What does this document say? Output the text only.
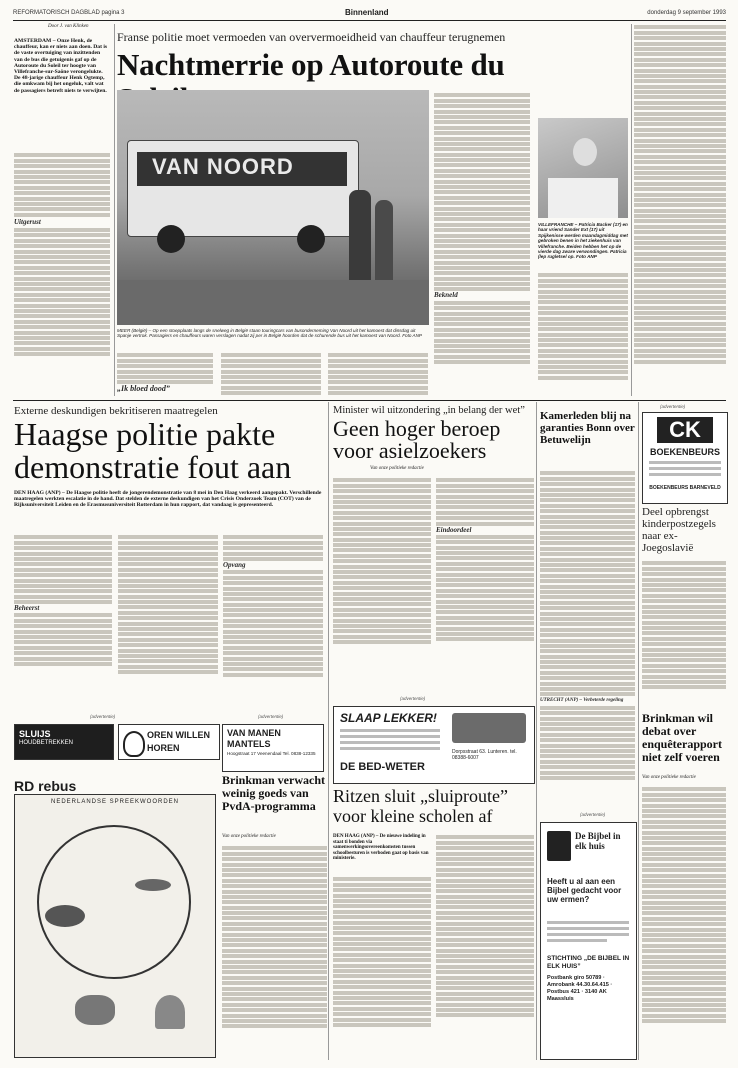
REFORMATORISCH DAGBLAD pagina 3	Binnenland	donderdag 9 september 1993
Door J. van Klinken
Franse politie moet vermoeden van oververmoeidheid van chauffeur terugnemen
Nachtmerrie op Autoroute du
AMSTERDAM – Onze Henk, de chauffeur, kan er niets aan doen. Dat is de vaste overtuiging van inzittenden van de bus die getuigenis gaf op de Autoroute du Soleil ter hoogte van Villefranche-sur-Saône verongelukte. De 48-jarige chauffeur Henk Ogtemp, die omkwam bij het ongeluk, valt wat de passagiers betreft niets te verwijten.
Uitgerust
VAN NOORD
MEER (België) – Op een stoepplaats langs de snelweg in België staan touringcars van busonderneming Van Noord uit het kamoest dat dinsdag uit Spanje vertrok. Passagiers en chauffeurs waren verslagen nadat zij per in België hoorden dat de schurende bus uit het kamoest van Noord. Foto ANP
„Ik bloed dood”
Bekneld
VILLEFRANCHE – Patricia Backer (17) en haar vriend Sander Ext (17) uit Spijkenisse werden maandagmiddag met gebroken benen in het ziekenhuis van Villefranche. Beiden hebben het op de vierde dag zware verwondingen. Patricia (lep rugletsel op. Foto ANP
Externe deskundigen bekritiseren maatregelen
Haagse politie pakte demonstratie fout aan
DEN HAAG (ANP) – De Haagse politie heeft de jongerendemonstratie van 8 mei in Den Haag verkeerd aangepakt. Verschillende maatregelen werkten escalatie in de hand. Dat stelden de externe deskundigen van het Crisis Onderzoek Team (COT) van de Rijksuniversiteit Leiden en de Erasmusuniversiteit Rotterdam in hun rapport, dat vandaag is gepresenteerd.
Beheerst
Opvang
Minister wil uitzondering „in belang der wet”
Geen hoger beroep voor asielzoekers
Van onze politieke redactie
Eindoordeel
Kamerleden blij na garanties Bonn over Betuwelijn
UTRECHT (ANP) – Verbeterde regeling
(advertentie)
CK
BOEKENBEURS
BOEKENBEURS BARNEVELD
Deel opbrengst kinderpostzegels naar ex-Joegoslavië
Brinkman wil debat over enquêterapport niet zelf voeren
Van onze politieke redactie
(advertentie)
SLUIJS
HOUDBETREKKEN
OREN WILLEN
HOREN
(advertentie)
VAN MANEN
MANTELS
Hoogstraat 17 Veenendaal Tel. 0838-12335
(advertentie)
SLAAP LEKKER!
DE BED-WETER
Dorpsstraat 63. Lunteren. tel. 08388-6007
RD rebus
NEDERLANDSE SPREEKWOORDEN
Brinkman verwacht weinig goeds van PvdA-programma
Van onze politieke redactie
Ritzen sluit „sluiproute” voor kleine scholen af
DEN HAAG (ANP) – De nieuwe indeling in staat ti bonden via samenwerkingsovereenkomsten tussen schoolbesturen is verboden gaat op basis van ministerie.
(advertentie)
De Bijbel in elk huis
Heeft u al aan een Bijbel gedacht voor uw ermen?
STICHTING „DE BIJBEL IN ELK HUIS”
Postbank giro 50789 · Amrobank 44.30.64.415 · Postbus 421 · 3140 AK Maassluis
